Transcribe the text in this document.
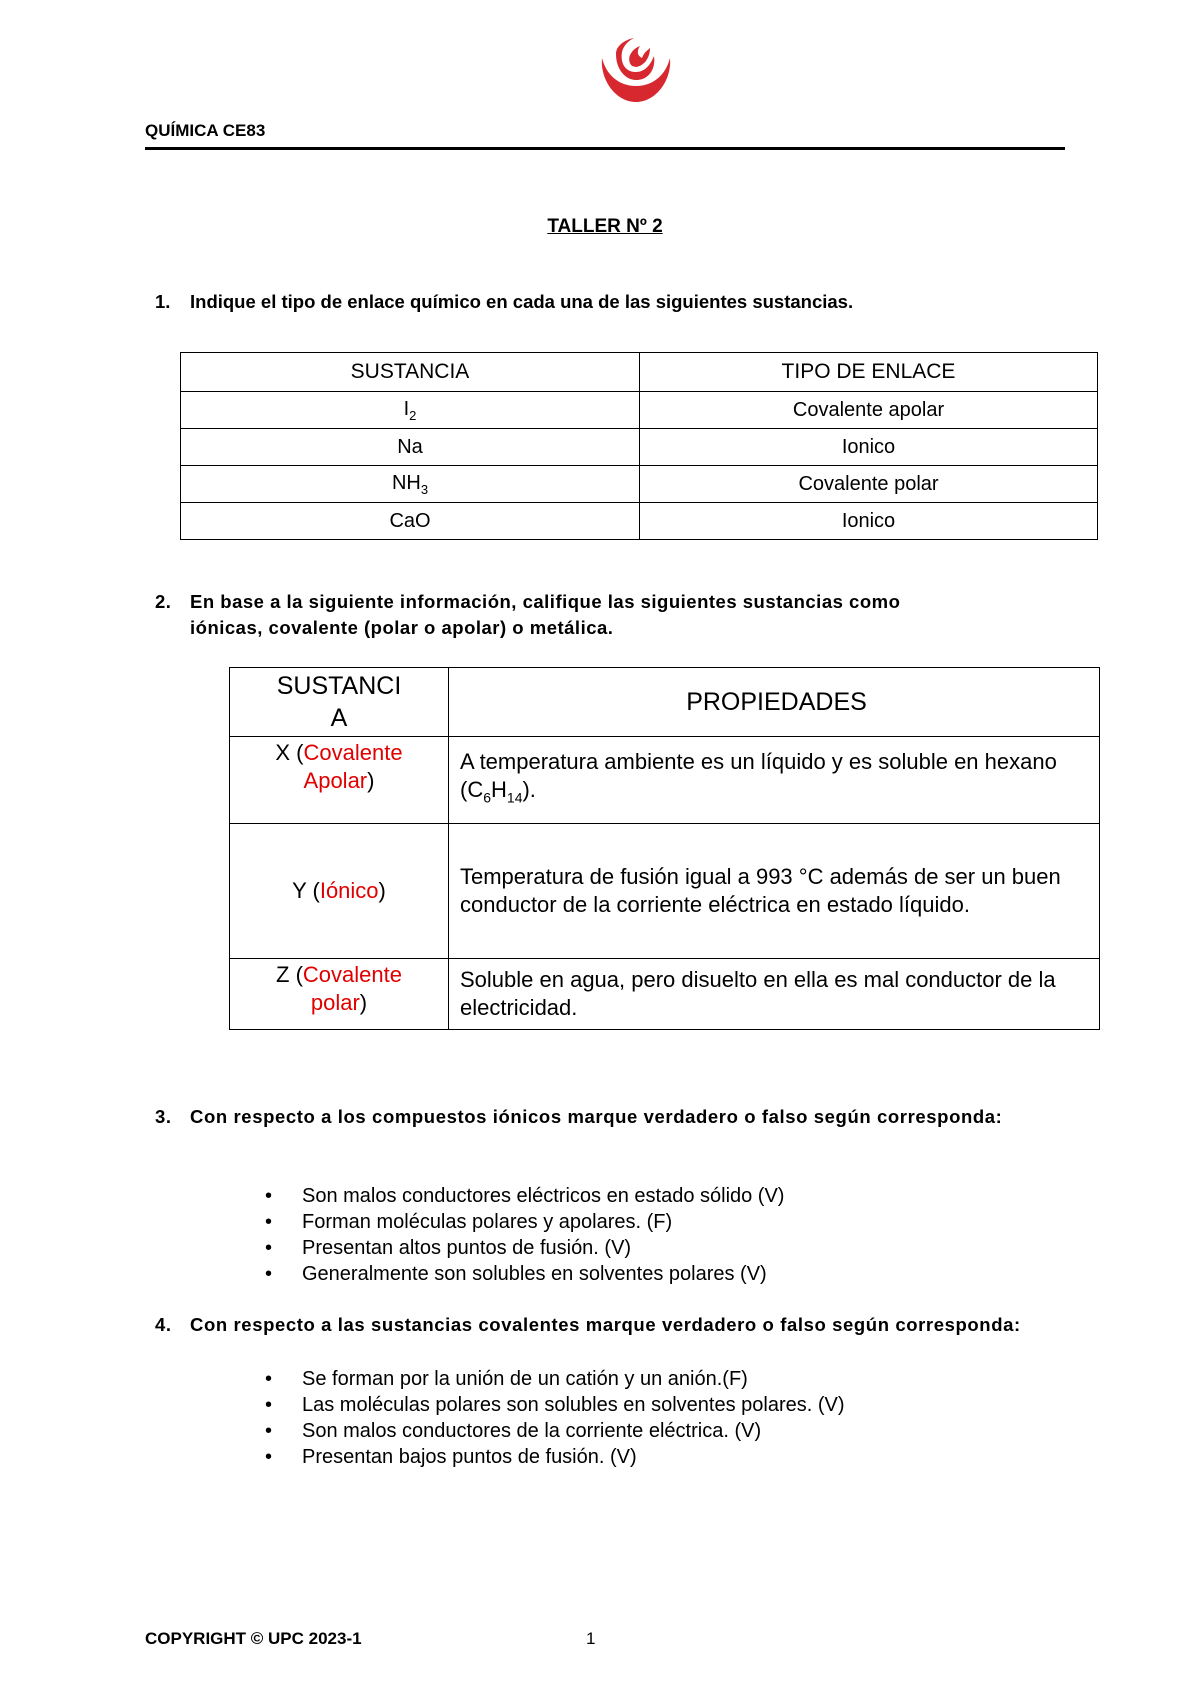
QUÍMICA CE83
TALLER Nº 2
1. Indique el tipo de enlace químico en cada una de las siguientes sustancias.
SUSTANCIA	TIPO DE ENLACE
$I_2$	Covalente apolar
Na	Ionico
$NH_3$	Covalente polar
CaO	Ionico
2. En base a la siguiente información, califique las siguientes sustancias como
iónicas, covalente (polar o apolar) o metálica.
SUSTANCI
A	PROPIEDADES
X (Covalente
Apolar)	A temperatura ambiente es un líquido y es soluble en hexano $(C_6H_{14})$.
Y (Iónico)	Temperatura de fusión igual a 993 °C además de ser un buen conductor de la corriente eléctrica en estado líquido.
Z (Covalente
polar)	Soluble en agua, pero disuelto en ella es mal conductor de la electricidad.
3. Con respecto a los compuestos iónicos marque verdadero o falso según corresponda:
• Son malos conductores eléctricos en estado sólido (V)
• Forman moléculas polares y apolares. (F)
• Presentan altos puntos de fusión. (V)
• Generalmente son solubles en solventes polares (V)
4. Con respecto a las sustancias covalentes marque verdadero o falso según corresponda:
• Se forman por la unión de un catión y un anión.(F)
• Las moléculas polares son solubles en solventes polares. (V)
• Son malos conductores de la corriente eléctrica. (V)
• Presentan bajos puntos de fusión. (V)
COPYRIGHT © UPC 2023-1	1
